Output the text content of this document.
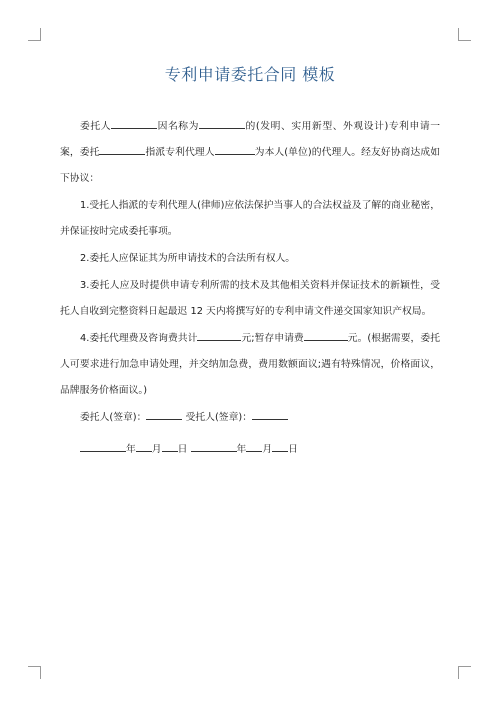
专利申请委托合同 模板

委托人	因名称为	的(发明、实用新型、外观设计)专利申请一案，委托	指派专利代理人	为本人(单位)的代理人。经友好协商达成如下协议：

1.受托人指派的专利代理人(律师)应依法保护当事人的合法权益及了解的商业秘密，并保证按时完成委托事项。

2.委托人应保证其为所申请技术的合法所有权人。

3.委托人应及时提供申请专利所需的技术及其他相关资料并保证技术的新颖性，受托人自收到完整资料日起最迟 12 天内将撰写好的专利申请文件递交国家知识产权局。

4.委托代理费及咨询费共计	元;暂存申请费	元。(根据需要，委托人可要求进行加急申请处理，并交纳加急费，费用数额面议;遇有特殊情况，价格面议，品牌服务价格面议。)

委托人(签章)：	受托人(签章)：

年 月 日	年 月 日
